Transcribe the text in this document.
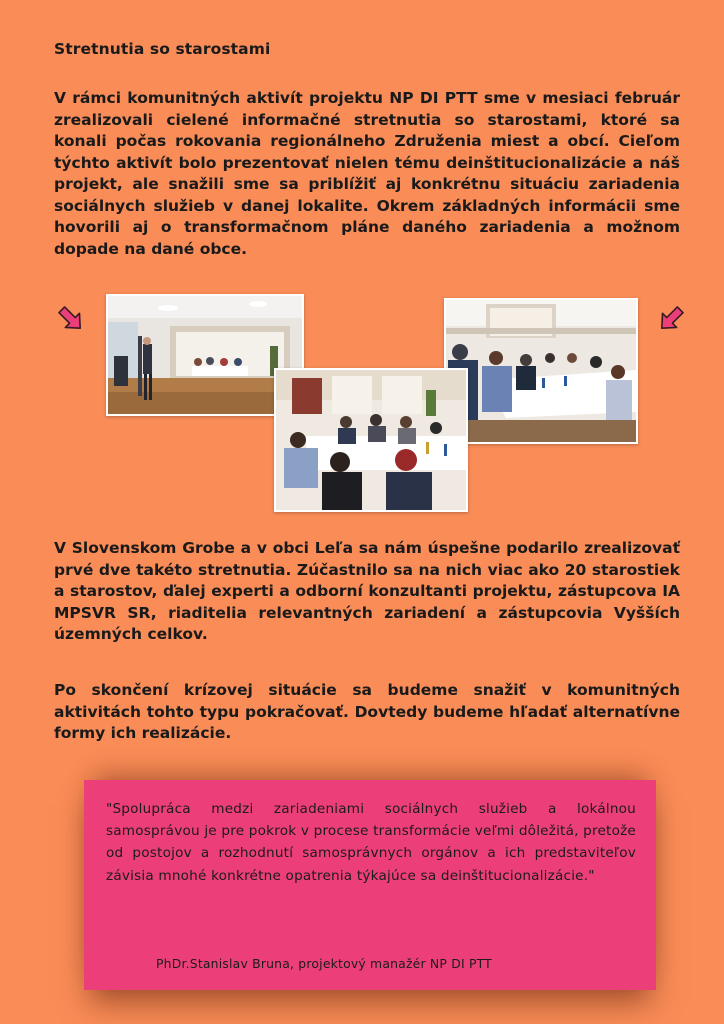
Stretnutia so starostami

V rámci komunitných aktivít projektu NP DI PTT sme v mesiaci február zrealizovali cielené informačné stretnutia so starostami, ktoré sa konali počas rokovania regionálneho Združenia miest a obcí. Cieľom týchto aktivít bolo prezentovať nielen tému deinštitucionalizácie a náš projekt, ale snažili sme sa priblížiť aj konkrétnu situáciu zariadenia sociálnych služieb v danej lokalite. Okrem základných informácii sme hovorili aj o transformačnom pláne daného zariadenia a možnom dopade na dané obce.

V Slovenskom Grobe a v obci Leľa sa nám úspešne podarilo zrealizovať prvé dve takéto stretnutia. Zúčastnilo sa na nich viac ako 20 starostiek a starostov, ďalej experti a odborní konzultanti projektu, zástupcova IA MPSVR SR, riaditelia relevantných zariadení a zástupcovia Vyšších územných celkov.

Po skončení krízovej situácie sa budeme snažiť v komunitných aktivitách tohto typu pokračovať. Dovtedy budeme hľadať alternatívne formy ich realizácie.

"Spolupráca medzi zariadeniami sociálnych služieb a lokálnou samosprávou je pre pokrok v procese transformácie veľmi dôležitá, pretože od postojov a rozhodnutí samosprávnych orgánov a ich predstaviteľov závisia mnohé konkrétne opatrenia týkajúce sa deinštitucionalizácie."

PhDr.Stanislav Bruna, projektový manažér NP DI PTT
